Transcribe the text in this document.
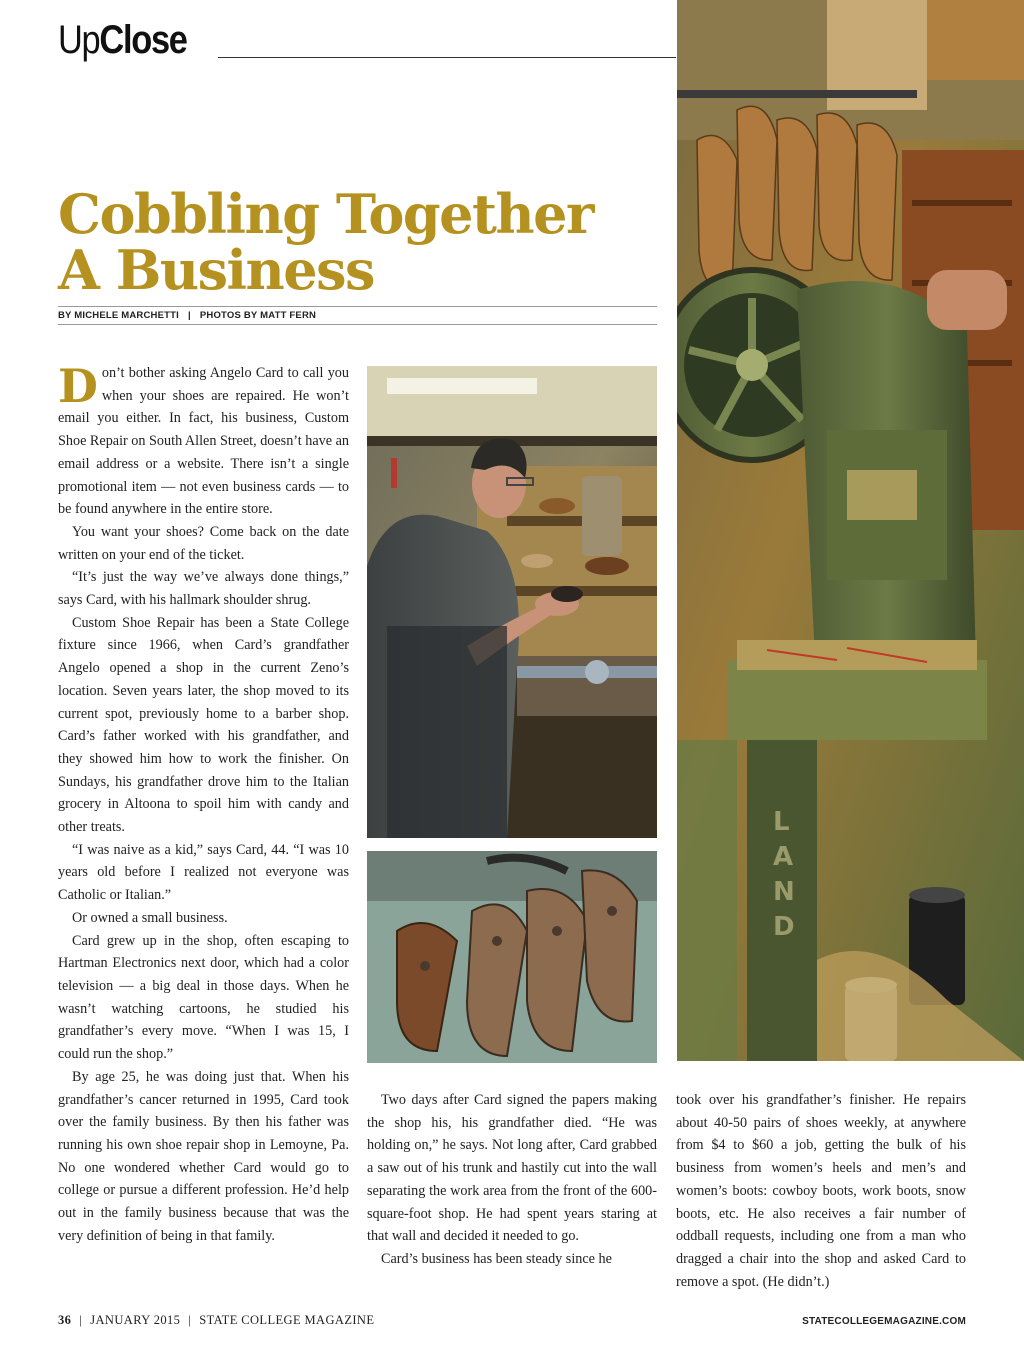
UpClose
Cobbling Together
A Business
BY MICHELE MARCHETTI | PHOTOS BY MATT FERN
L
A
N
D

Don’t bother asking Angelo Card to call you when your shoes are repaired. He won’t email you either. In fact, his business, Custom Shoe Repair on South Allen Street, doesn’t have an email address or a website. There isn’t a single promotional item — not even business cards — to be found anywhere in the entire store.

You want your shoes? Come back on the date written on your end of the ticket.

“It’s just the way we’ve always done things,” says Card, with his hallmark shoulder shrug.

Custom Shoe Repair has been a State College fixture since 1966, when Card’s grandfather Angelo opened a shop in the current Zeno’s location. Seven years later, the shop moved to its current spot, previously home to a barber shop. Card’s father worked with his grandfather, and they showed him how to work the finisher. On Sundays, his grandfather drove him to the Italian grocery in Altoona to spoil him with candy and other treats.

“I was naive as a kid,” says Card, 44. “I was 10 years old before I realized not everyone was Catholic or Italian.”

Or owned a small business.

Card grew up in the shop, often escaping to Hartman Electronics next door, which had a color television — a big deal in those days. When he wasn’t watching cartoons, he studied his grandfather’s every move. “When I was 15, I could run the shop.”

By age 25, he was doing just that. When his grandfather’s cancer returned in 1995, Card took over the family business. By then his father was running his own shoe repair shop in Lemoyne, Pa. No one wondered whether Card would go to college or pursue a different profession. He’d help out in the family business because that was the very definition of being in that family.

Two days after Card signed the papers making the shop his, his grandfather died. “He was holding on,” he says. Not long after, Card grabbed a saw out of his trunk and hastily cut into the wall separating the work area from the front of the 600-square-foot shop. He had spent years staring at that wall and decided it needed to go.

Card’s business has been steady since he

took over his grandfather’s finisher. He repairs about 40-50 pairs of shoes weekly, at anywhere from $4 to $60 a job, getting the bulk of his business from women’s heels and men’s and women’s boots: cowboy boots, work boots, snow boots, etc. He also receives a fair number of oddball requests, including one from a man who dragged a chair into the shop and asked Card to remove a spot. (He didn’t.)

36 | JANUARY 2015 | STATE COLLEGE MAGAZINE	STATECOLLEGEMAGAZINE.COM
